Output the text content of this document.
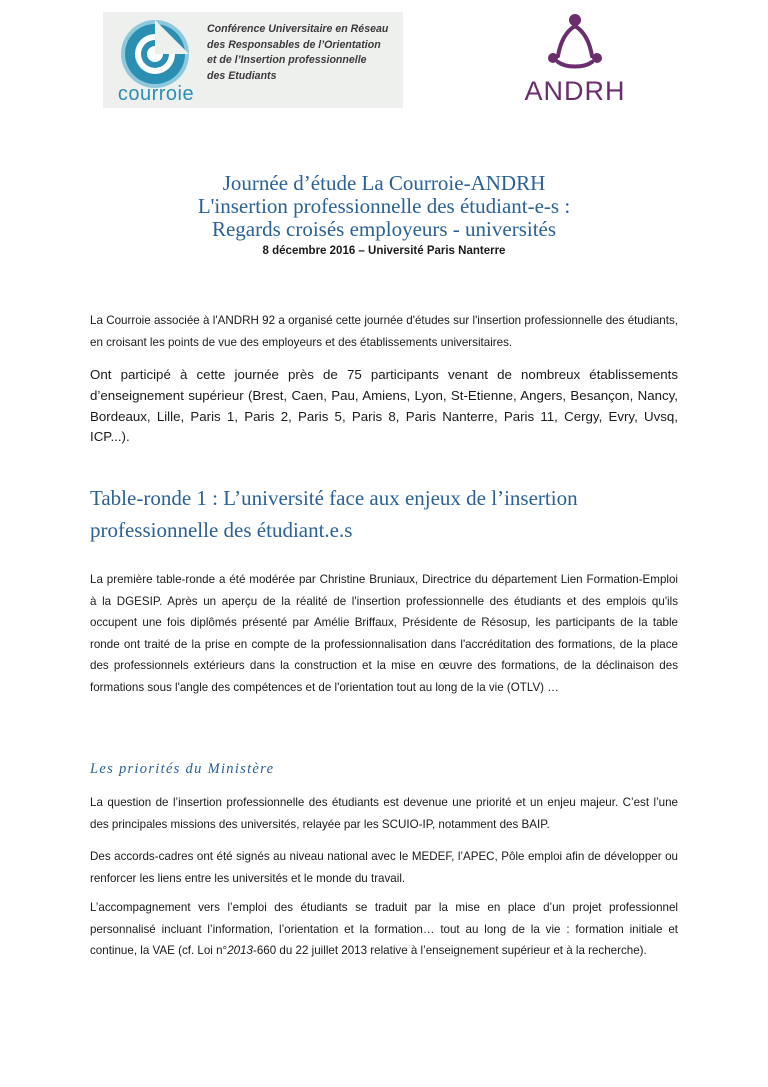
courroie
Conférence Universitaire en Réseau
des Responsables de l’Orientation
et de l’Insertion professionnelle
des Etudiants
ANDRH
Journée d’étude La Courroie-ANDRH
L'insertion professionnelle des étudiant-e-s :
Regards croisés employeurs - universités
8 décembre 2016 – Université Paris Nanterre
La Courroie associée à l'ANDRH 92 a organisé cette journée d'études sur l'insertion professionnelle des étudiants, en croisant les points de vue des employeurs et des établissements universitaires.
Ont participé à cette journée près de 75 participants venant de nombreux établissements d’enseignement supérieur (Brest, Caen, Pau, Amiens, Lyon, St-Etienne, Angers, Besançon, Nancy, Bordeaux, Lille, Paris 1, Paris 2, Paris 5, Paris 8, Paris Nanterre, Paris 11, Cergy, Evry, Uvsq, ICP...).
Table-ronde 1 : L’université face aux enjeux de l’insertion
professionnelle des étudiant.e.s
La première table-ronde a été modérée par Christine Bruniaux, Directrice du département Lien Formation-Emploi à la DGESIP. Après un aperçu de la réalité de l'insertion professionnelle des étudiants et des emplois qu'ils occupent une fois diplômés présenté par Amélie Briffaux, Présidente de Résosup, les participants de la table ronde ont traité de la prise en compte de la professionnalisation dans l'accréditation des formations, de la place des professionnels extérieurs dans la construction et la mise en œuvre des formations, de la déclinaison des formations sous l'angle des compétences et de l'orientation tout au long de la vie (OTLV) …
Les priorités du Ministère
La question de l’insertion professionnelle des étudiants est devenue une priorité et un enjeu majeur. C’est l’une des principales missions des universités, relayée par les SCUIO-IP, notamment des BAIP.
Des accords-cadres ont été signés au niveau national avec le MEDEF, l’APEC, Pôle emploi afin de développer ou renforcer les liens entre les universités et le monde du travail.
L’accompagnement vers l’emploi des étudiants se traduit par la mise en place d’un projet professionnel personnalisé incluant l’information, l’orientation et la formation… tout au long de la vie : formation initiale et continue, la VAE (cf. Loi n°2013-660 du 22 juillet 2013 relative à l’enseignement supérieur et à la recherche).
